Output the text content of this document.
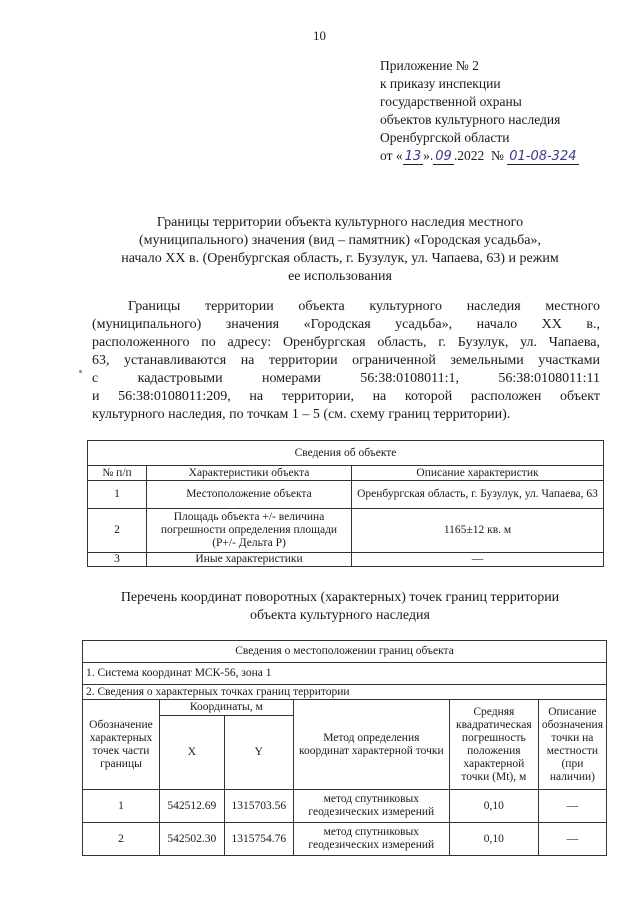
10
Приложение № 2
к приказу инспекции
государственной охраны
объектов культурного наследия
Оренбургской области
от « 13 ». 09 .2022 № 01-08-324
Границы территории объекта культурного наследия местного
(муниципального) значения (вид – памятник) «Городская усадьба»,
начало XX в. (Оренбургская область, г. Бузулук, ул. Чапаева, 63) и режим
ее использования
Границы территории объекта культурного наследия местного
(муниципального) значения «Городская усадьба», начало XX в.,
расположенного по адресу: Оренбургская область, г. Бузулук, ул. Чапаева,
63, устанавливаются на территории ограниченной земельными участками
с кадастровыми номерами 56:38:0108011:1, 56:38:0108011:11
и 56:38:0108011:209, на территории, на которой расположен объект
культурного наследия, по точкам 1 – 5 (см. схему границ территории).
Сведения об объекте		
№ п/п	Характеристики объекта	Описание характеристик
1	Местоположение объекта	Оренбургская область, г. Бузулук, ул. Чапаева, 63
2	Площадь объекта +/- величина погрешности определения площади (Р+/- Дельта Р)	1165±12 кв. м
3	Иные характеристики	—
Перечень координат поворотных (характерных) точек границ территории
объекта культурного наследия
Сведения о местоположении границ объекта					
1. Система координат МСК-56, зона 1					
2. Сведения о характерных точках границ территории					
Обозначение характерных точек части границы	Координаты, м		Метод определения координат характерной точки	Средняя квадратическая погрешность положения характерной точки (Mt), м	Описание обозначения точки на местности (при наличии)
	X	Y			
1	542512.69	1315703.56	метод спутниковых геодезических измерений	0,10	—
2	542502.30	1315754.76	метод спутниковых геодезических измерений	0,10	—
